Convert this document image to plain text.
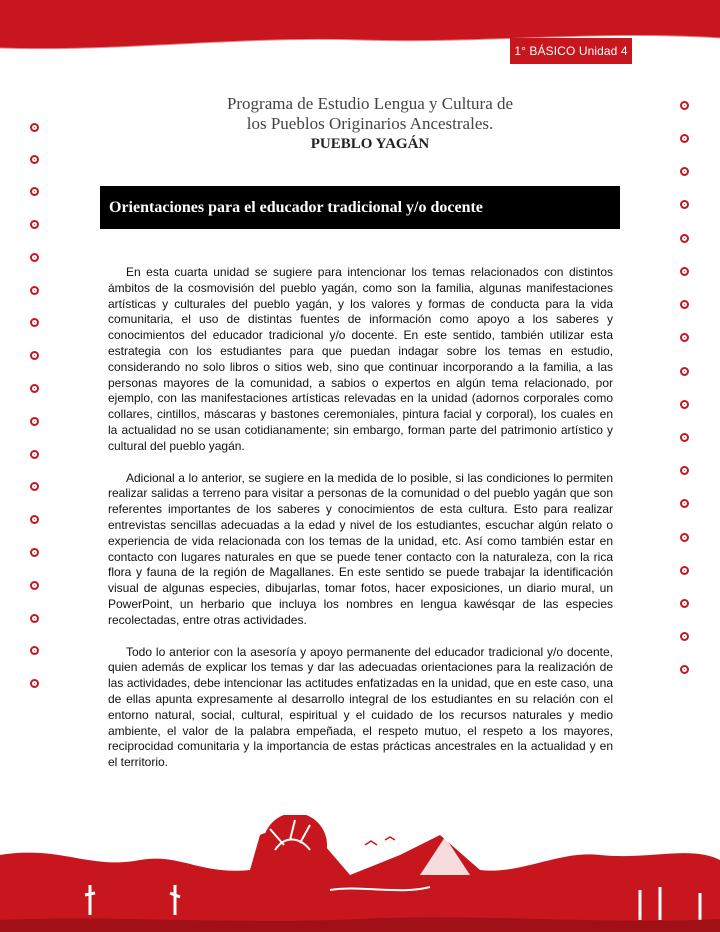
1° BÁSICO Unidad 4
Programa de Estudio Lengua y Cultura de
los Pueblos Originarios Ancestrales.
PUEBLO YAGÁN
Orientaciones para el educador tradicional y/o docente

En esta cuarta unidad se sugiere para intencionar los temas relacionados con distintos ámbitos de la cosmovisión del pueblo yagán, como son la familia, algunas manifestaciones artísticas y culturales del pueblo yagán, y los valores y formas de conducta para la vida comunitaria, el uso de distintas fuentes de información como apoyo a los saberes y conocimientos del educador tradicional y/o docente. En este sentido, también utilizar esta estrategia con los estudiantes para que puedan indagar sobre los temas en estudio, considerando no solo libros o sitios web, sino que continuar incorporando a la familia, a las personas mayores de la comunidad, a sabios o expertos en algún tema relacionado, por ejemplo, con las manifestaciones artísticas relevadas en la unidad (adornos corporales como collares, cintillos, máscaras y bastones ceremoniales, pintura facial y corporal), los cuales en la actualidad no se usan cotidianamente; sin embargo, forman parte del patrimonio artístico y cultural del pueblo yagán.

Adicional a lo anterior, se sugiere en la medida de lo posible, si las condiciones lo permiten realizar salidas a terreno para visitar a personas de la comunidad o del pueblo yagán que son referentes importantes de los saberes y conocimientos de esta cultura. Esto para realizar entrevistas sencillas adecuadas a la edad y nivel de los estudiantes, escuchar algún relato o experiencia de vida relacionada con los temas de la unidad, etc. Así como también estar en contacto con lugares naturales en que se puede tener contacto con la naturaleza, con la rica flora y fauna de la región de Magallanes. En este sentido se puede trabajar la identificación visual de algunas especies, dibujarlas, tomar fotos, hacer exposiciones, un diario mural, un PowerPoint, un herbario que incluya los nombres en lengua kawésqar de las especies recolectadas, entre otras actividades.

Todo lo anterior con la asesoría y apoyo permanente del educador tradicional y/o docente, quien además de explicar los temas y dar las adecuadas orientaciones para la realización de las actividades, debe intencionar las actitudes enfatizadas en la unidad, que en este caso, una de ellas apunta expresamente al desarrollo integral de los estudiantes en su relación con el entorno natural, social, cultural, espiritual y el cuidado de los recursos naturales y medio ambiente, el valor de la palabra empeñada, el respeto mutuo, el respeto a los mayores, reciprocidad comunitaria y la importancia de estas prácticas ancestrales en la actualidad y en el territorio.
